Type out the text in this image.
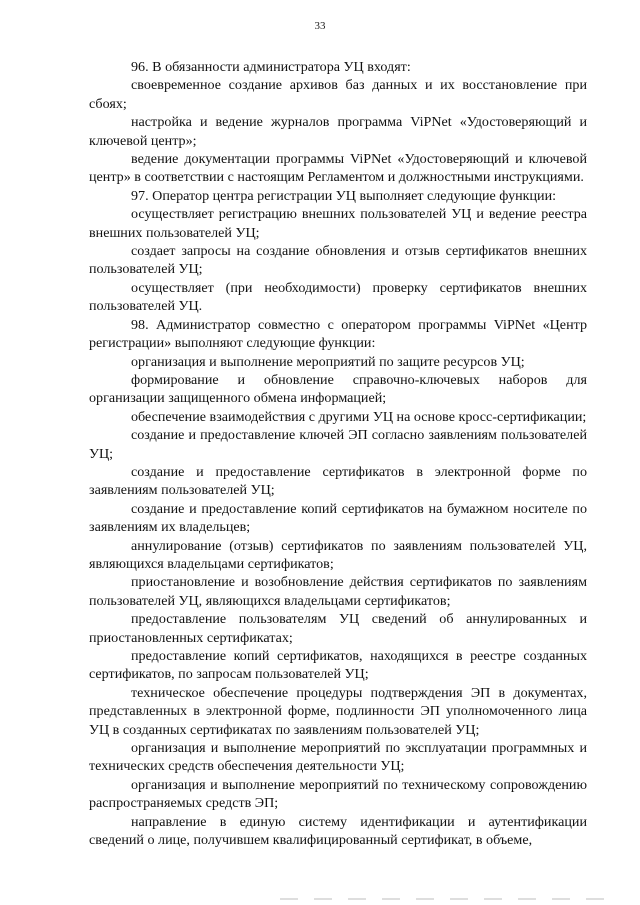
33

96. В обязанности администратора УЦ входят:

своевременное создание архивов баз данных и их восстановление при сбоях;

настройка и ведение журналов программа ViPNet «Удостоверяющий и ключевой центр»;

ведение документации программы ViPNet «Удостоверяющий и ключевой центр» в соответствии с настоящим Регламентом и должностными инструкциями.

97. Оператор центра регистрации УЦ выполняет следующие функции:

осуществляет регистрацию внешних пользователей УЦ и ведение реестра внешних пользователей УЦ;

создает запросы на создание обновления и отзыв сертификатов внешних пользователей УЦ;

осуществляет (при необходимости) проверку сертификатов внешних пользователей УЦ.

98. Администратор совместно с оператором программы ViPNet «Центр регистрации» выполняют следующие функции:

организация и выполнение мероприятий по защите ресурсов УЦ;

формирование и обновление справочно-ключевых наборов для организации защищенного обмена информацией;

обеспечение взаимодействия с другими УЦ на основе кросс-сертификации;

создание и предоставление ключей ЭП согласно заявлениям пользователей УЦ;

создание и предоставление сертификатов в электронной форме по заявлениям пользователей УЦ;

создание и предоставление копий сертификатов на бумажном носителе по заявлениям их владельцев;

аннулирование (отзыв) сертификатов по заявлениям пользователей УЦ, являющихся владельцами сертификатов;

приостановление и возобновление действия сертификатов по заявлениям пользователей УЦ, являющихся владельцами сертификатов;

предоставление пользователям УЦ сведений об аннулированных и приостановленных сертификатах;

предоставление копий сертификатов, находящихся в реестре созданных сертификатов, по запросам пользователей УЦ;

техническое обеспечение процедуры подтверждения ЭП в документах, представленных в электронной форме, подлинности ЭП уполномоченного лица УЦ в созданных сертификатах по заявлениям пользователей УЦ;

организация и выполнение мероприятий по эксплуатации программных и технических средств обеспечения деятельности УЦ;

организация и выполнение мероприятий по техническому сопровождению распространяемых средств ЭП;

направление в единую систему идентификации и аутентификации сведений о лице, получившем квалифицированный сертификат, в объеме,
